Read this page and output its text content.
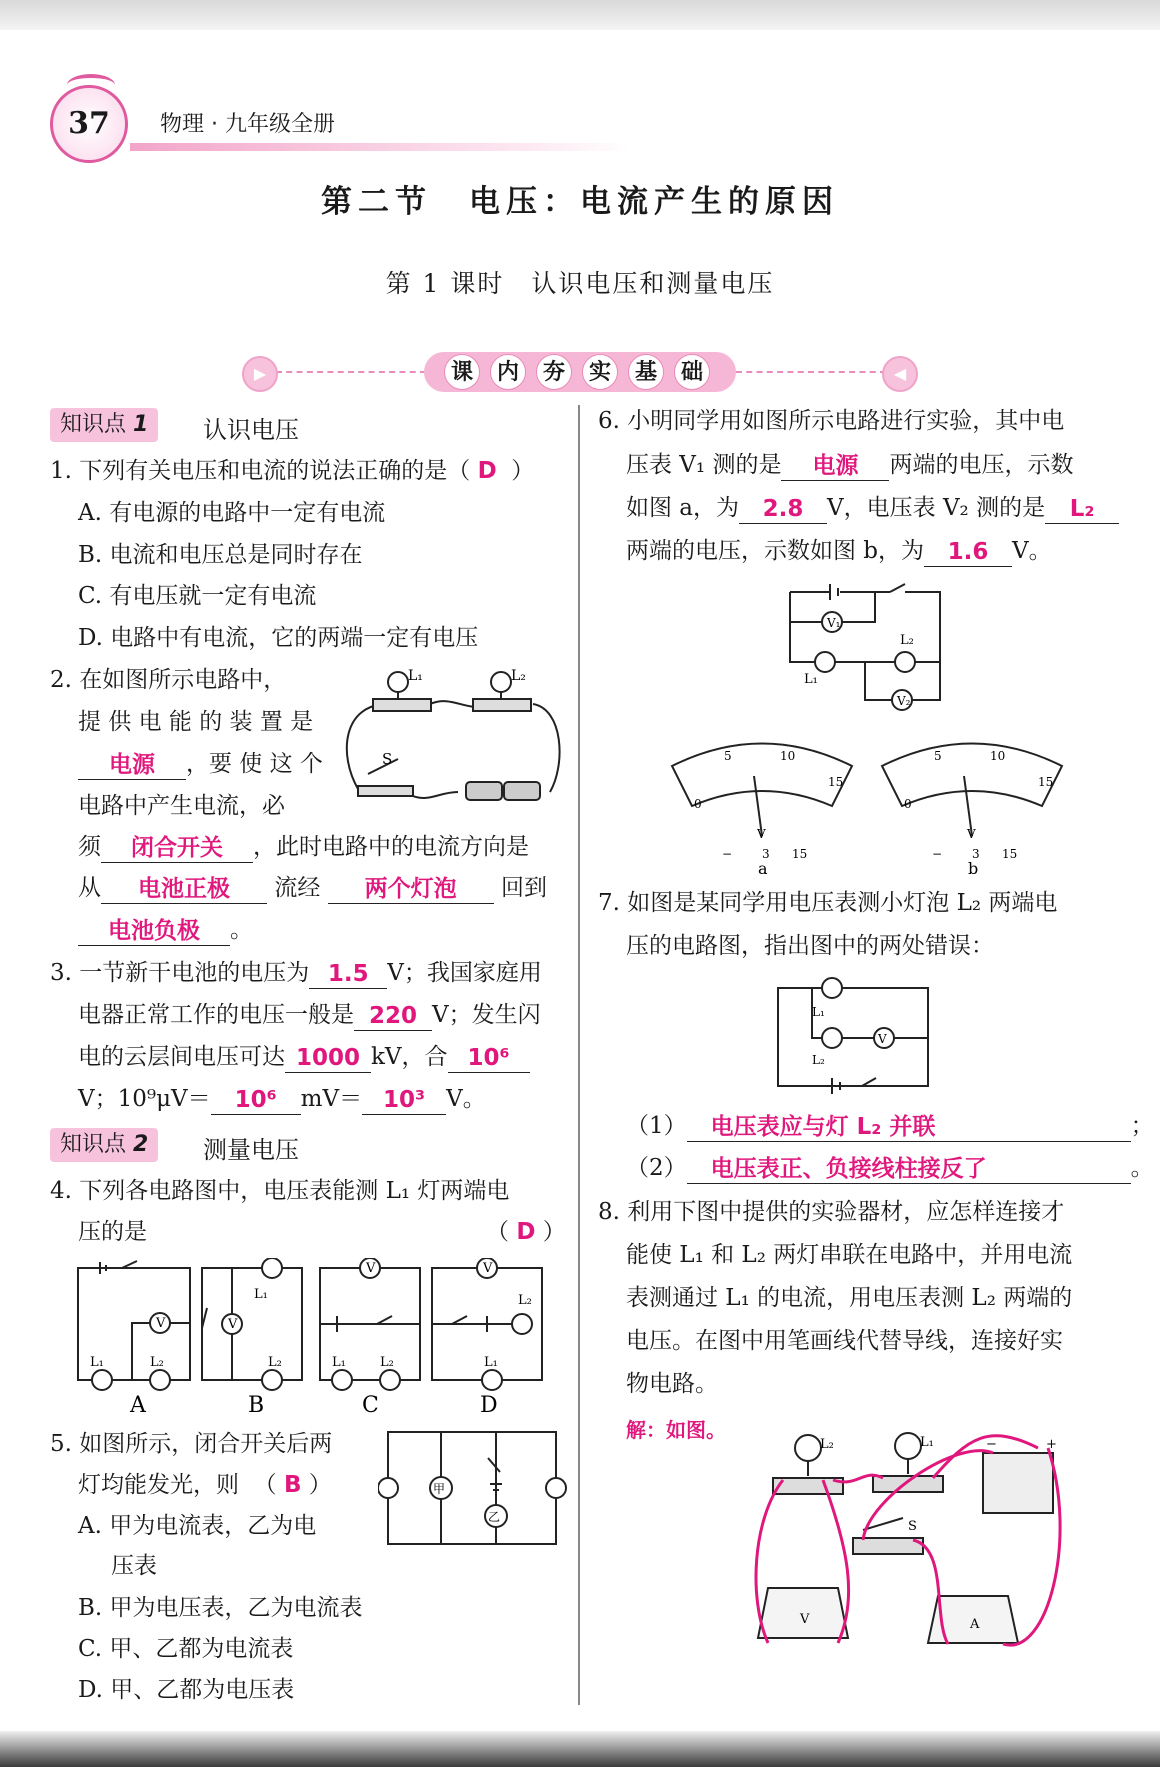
37	物理 · 九年级全册
第二节　电压：电流产生的原因
第 1 课时　认识电压和测量电压
▶	◀
课	内	夯	实	基	础
知识点 1	认识电压
1. 下列有关电压和电流的说法正确的是（ D ）
A. 有电源的电路中一定有电流
B. 电流和电压总是同时存在
C. 有电压就一定有电流
D. 电路中有电流，它的两端一定有电压
2. 在如图所示电路中，
提 供 电 能 的 装 置 是
电源 ，要 使 这 个
电路中产生电流，必
须 闭合开关 ，此时电路中的电流方向是
从 电池正极 流经 两个灯泡 回到
电池负极 。
L₁	L₂
S
3. 一节新干电池的电压为 1.5 V；我国家庭用
电器正常工作的电压一般是 220 V；发生闪
电的云层间电压可达 1000 kV，合 10⁶
V；10⁹μV＝ 10⁶ mV＝ 10³ V。
知识点 2	测量电压
4. 下列各电路图中，电压表能测 L₁ 灯两端电
压的是	（ D ）
V	V
V	V
L₁	L₂
L₁
L₂	L₁	L₂	L₁
L₂
A	B	C	D
5. 如图所示，闭合开关后两
灯均能发光，则  （ B ）
A. 甲为电流表，乙为电
　压表
B. 甲为电压表，乙为电流表
C. 甲、乙都为电流表
D. 甲、乙都为电压表
甲
乙
6. 小明同学用如图所示电路进行实验，其中电
压表 V₁ 测的是 电源 两端的电压，示数
如图 a，为 2.8 V，电压表 V₂ 测的是 L₂
两端的电压，示数如图 b，为 1.6 V。
V₁
V₂
L₁
L₂
0
5	10
15
0
5	10
15
V	V
− 3 15	− 3 15
a	b
7. 如图是某同学用电压表测小灯泡 L₂ 两端电
压的电路图，指出图中的两处错误：
V
L₁
L₂
（1） 电压表应与灯 L₂ 并联	；
（2） 电压表正、负接线柱接反了	。
8. 利用下图中提供的实验器材，应怎样连接才
能使 L₁ 和 L₂ 两灯串联在电路中，并用电流
表测通过 L₁ 的电流，用电压表测 L₂ 两端的
电压。在图中用笔画线代替导线，连接好实
物电路。
解：如图。
L₂	L₁
S
V	A
−	+
